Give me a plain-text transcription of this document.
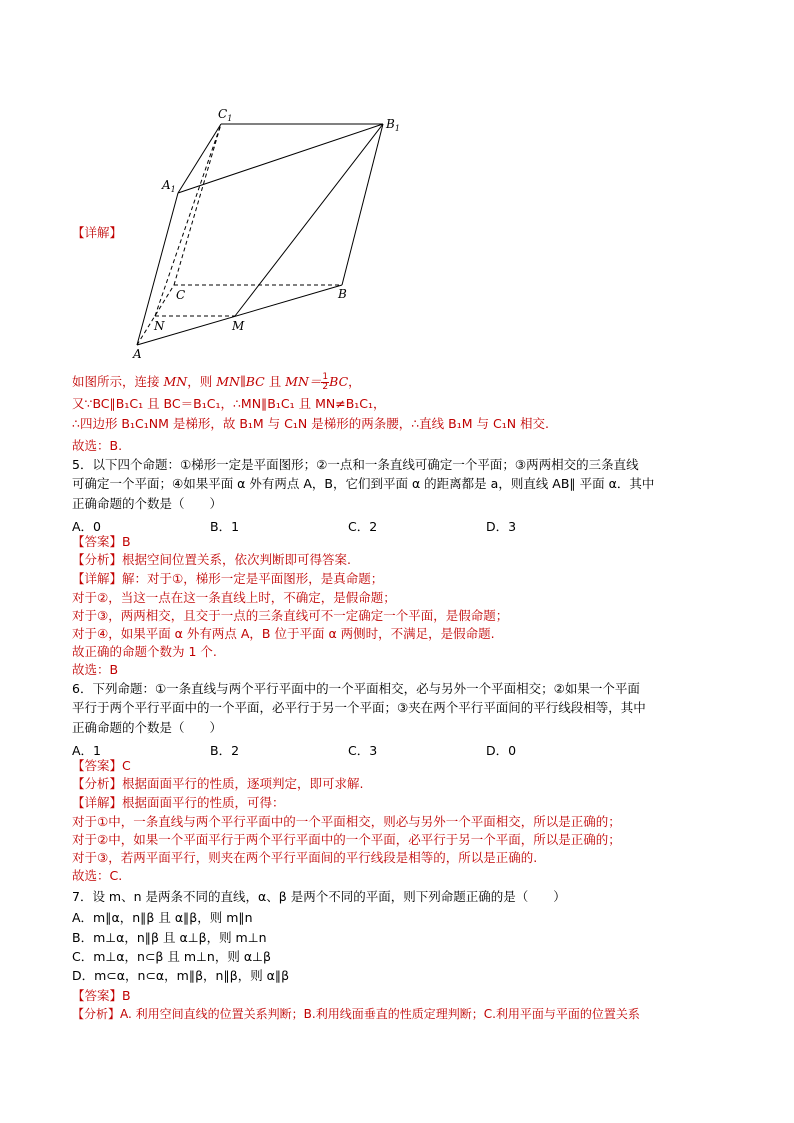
$C_1$	$B_1$
$A_1$
C	B
N	M
A
【详解】
如图所示，连接 MN，则 MN∥BC 且 $MN= \frac{1}{2}$ BC，
又∵BC∥B₁C₁ 且 BC＝B₁C₁，∴MN∥B₁C₁ 且 MN≠B₁C₁，
∴四边形 B₁C₁NM 是梯形，故 B₁M 与 C₁N 是梯形的两条腰，∴直线 B₁M 与 C₁N 相交.
故选：B.
5．以下四个命题：①梯形一定是平面图形；②一点和一条直线可确定一个平面；③两两相交的三条直线
可确定一个平面；④如果平面 α 外有两点 A，B，它们到平面 α 的距离都是 a，则直线 AB∥ 平面 α．其中
正确命题的个数是（　　）
A．0	B．1	C．2	D．3
【答案】B
【分析】根据空间位置关系，依次判断即可得答案.
【详解】解：对于①，梯形一定是平面图形，是真命题；
对于②，当这一点在这一条直线上时，不确定，是假命题；
对于③，两两相交，且交于一点的三条直线可不一定确定一个平面，是假命题；
对于④，如果平面 α 外有两点 A，B 位于平面 α 两侧时，不满足，是假命题.
故正确的命题个数为 1 个.
故选：B
6．下列命题：①一条直线与两个平行平面中的一个平面相交，必与另外一个平面相交；②如果一个平面
平行于两个平行平面中的一个平面，必平行于另一个平面；③夹在两个平行平面间的平行线段相等，其中
正确命题的个数是（　　）
A．1	B．2	C．3	D．0
【答案】C
【分析】根据面面平行的性质，逐项判定，即可求解.
【详解】根据面面平行的性质，可得：
对于①中，一条直线与两个平行平面中的一个平面相交，则必与另外一个平面相交，所以是正确的；
对于②中，如果一个平面平行于两个平行平面中的一个平面，必平行于另一个平面，所以是正确的；
对于③，若两平面平行，则夹在两个平行平面间的平行线段是相等的，所以是正确的.
故选：C.
7．设 m、n 是两条不同的直线，α、β 是两个不同的平面，则下列命题正确的是（　　）
A．m∥α，n∥β 且 α∥β，则 m∥n
B．m⊥α，n∥β 且 α⊥β，则 m⊥n
C．m⊥α，n⊂β 且 m⊥n，则 α⊥β
D．m⊂α，n⊂α，m∥β，n∥β，则 α∥β
【答案】B
【分析】A. 利用空间直线的位置关系判断；B.利用线面垂直的性质定理判断；C.利用平面与平面的位置关系
